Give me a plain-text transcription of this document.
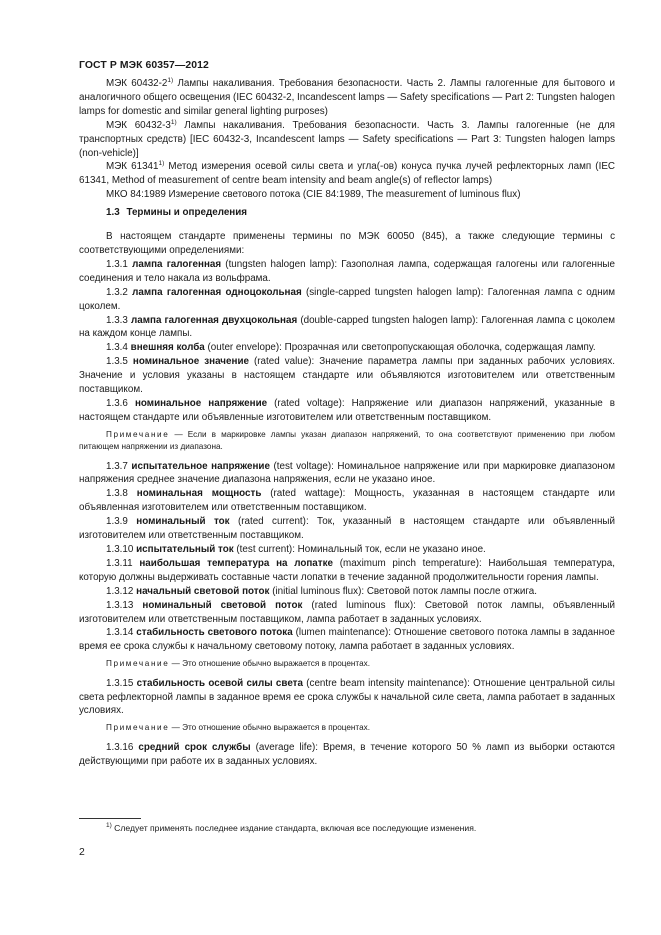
ГОСТ Р МЭК 60357—2012

МЭК 60432-2$^{1)}$ Лампы накаливания. Требования безопасности. Часть 2. Лампы галогенные для бытового и аналогичного общего освещения (IEC 60432-2, Incandescent lamps — Safety specifications — Part 2: Tungsten halogen lamps for domestic and similar general lighting purposes)

МЭК 60432-3$^{1)}$ Лампы накаливания. Требования безопасности. Часть 3. Лампы галогенные (не для транспортных средств) [IEC 60432-3, Incandescent lamps — Safety specifications — Part 3: Tungsten halogen lamps (non-vehicle)]

МЭК 61341$^{1)}$ Метод измерения осевой силы света и угла(-ов) конуса пучка лучей рефлекторных ламп (IEC 61341, Method of measurement of centre beam intensity and beam angle(s) of reflector lamps)

МКО 84:1989 Измерение светового потока (CIE 84:1989, The measurement of luminous flux)

1.3 Термины и определения

В настоящем стандарте применены термины по МЭК 60050 (845), а также следующие термины с соответствующими определениями:

1.3.1 лампа галогенная (tungsten halogen lamp): Газополная лампа, содержащая галогены или галогенные соединения и тело накала из вольфрама.

1.3.2 лампа галогенная одноцокольная (single-capped tungsten halogen lamp): Галогенная лампа с одним цоколем.

1.3.3 лампа галогенная двухцокольная (double-capped tungsten halogen lamp): Галогенная лампа с цоколем на каждом конце лампы.

1.3.4 внешняя колба (outer envelope): Прозрачная или светопропускающая оболочка, содержащая лампу.

1.3.5 номинальное значение (rated value): Значение параметра лампы при заданных рабочих условиях. Значение и условия указаны в настоящем стандарте или объявляются изготовителем или ответственным поставщиком.

1.3.6 номинальное напряжение (rated voltage): Напряжение или диапазон напряжений, указанные в настоящем стандарте или объявленные изготовителем или ответственным поставщиком.

Примечание — Если в маркировке лампы указан диапазон напряжений, то она соответствуют применению при любом питающем напряжении из диапазона.

1.3.7 испытательное напряжение (test voltage): Номинальное напряжение или при маркировке диапазоном напряжения среднее значение диапазона напряжения, если не указано иное.

1.3.8 номинальная мощность (rated wattage): Мощность, указанная в настоящем стандарте или объявленная изготовителем или ответственным поставщиком.

1.3.9 номинальный ток (rated current): Ток, указанный в настоящем стандарте или объявленный изготовителем или ответственным поставщиком.

1.3.10 испытательный ток (test current): Номинальный ток, если не указано иное.

1.3.11 наибольшая температура на лопатке (maximum pinch temperature): Наибольшая температура, которую должны выдерживать составные части лопатки в течение заданной продолжительности горения лампы.

1.3.12 начальный световой поток (initial luminous flux): Световой поток лампы после отжига.

1.3.13 номинальный световой поток (rated luminous flux): Световой поток лампы, объявленный изготовителем или ответственным поставщиком, лампа работает в заданных условиях.

1.3.14 стабильность светового потока (lumen maintenance): Отношение светового потока лампы в заданное время ее срока службы к начальному световому потоку, лампа работает в заданных условиях.

Примечание — Это отношение обычно выражается в процентах.

1.3.15 стабильность осевой силы света (centre beam intensity maintenance): Отношение центральной силы света рефлекторной лампы в заданное время ее срока службы к начальной силе света, лампа работает в заданных условиях.

Примечание — Это отношение обычно выражается в процентах.

1.3.16 средний срок службы (average life): Время, в течение которого 50 % ламп из выборки остаются действующими при работе их в заданных условиях.

$^{1)}$ Следует применять последнее издание стандарта, включая все последующие изменения.
2
